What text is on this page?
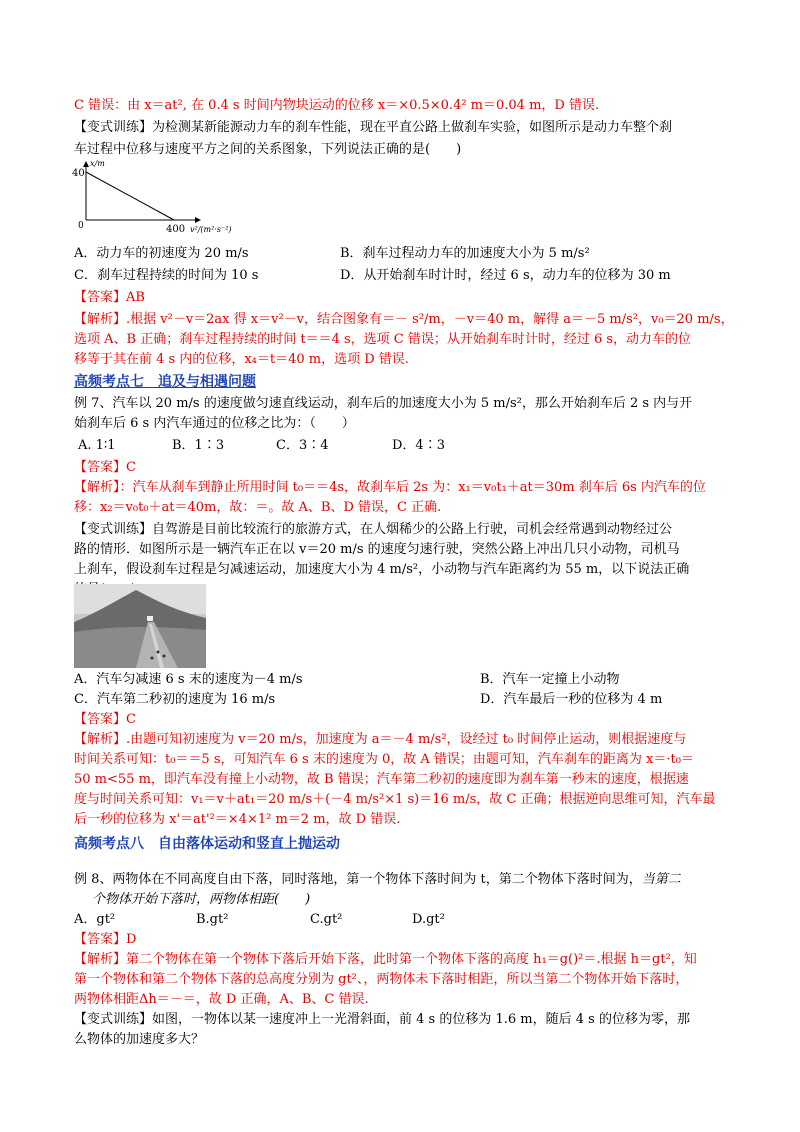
C 错误：由 x＝at², 在 0.4 s 时间内物块运动的位移 x＝×0.5×0.4² m＝0.04 m，D 错误.
【变式训练】为检测某新能源动力车的刹车性能，现在平直公路上做刹车实验，如图所示是动力车整个刹
车过程中位移与速度平方之间的关系图象，下列说法正确的是(　　)
x/m
40
0	400 v²/(m²·s⁻²)
A．动力车的初速度为 20 m/s	B．刹车过程动力车的加速度大小为 5 m/s²
C．刹车过程持续的时间为 10 s	D．从开始刹车时计时，经过 6 s，动力车的位移为 30 m
【答案】AB
【解析】.根据 v²－v＝2ax 得 x＝v²－v，结合图象有＝－ s²/m，－v＝40 m，解得 a＝－5 m/s²，v₀＝20 m/s，
选项 A、B 正确；刹车过程持续的时间 t＝＝4 s，选项 C 错误；从开始刹车时计时，经过 6 s，动力车的位
移等于其在前 4 s 内的位移，x₄＝t＝40 m，选项 D 错误.
高频考点七　追及与相遇问题
例 7、汽车以 20 m/s 的速度做匀速直线运动，刹车后的加速度大小为 5 m/s²，那么开始刹车后 2 s 内与开
始刹车后 6 s 内汽车通过的位移之比为：（　　）
A. 1∶1	B．1∶3	C．3∶4	D．4∶3
【答案】C
【解析】：汽车从刹车到静止所用时间 t₀＝＝4s，故刹车后 2s 为：x₁＝v₀t₁＋at＝30m 刹车后 6s 内汽车的位
移：x₂＝v₀t₀＋at＝40m，故：＝。故 A、B、D 错误，C 正确.
【变式训练】自驾游是目前比较流行的旅游方式，在人烟稀少的公路上行驶，司机会经常遇到动物经过公
路的情形．如图所示是一辆汽车正在以 v＝20 m/s 的速度匀速行驶，突然公路上冲出几只小动物，司机马
上刹车，假设刹车过程是匀减速运动，加速度大小为 4 m/s²，小动物与汽车距离约为 55 m，以下说法正确
A．汽车匀减速 6 s 末的速度为－4 m/s	B．汽车一定撞上小动物
C．汽车第二秒初的速度为 16 m/s	D．汽车最后一秒的位移为 4 m
【答案】C
【解析】.由题可知初速度为 v＝20 m/s，加速度为 a＝－4 m/s²，设经过 t₀ 时间停止运动，则根据速度与
时间关系可知：t₀＝＝5 s，可知汽车 6 s 末的速度为 0，故 A 错误；由题可知，汽车刹车的距离为 x＝·t₀＝
50 m<55 m，即汽车没有撞上小动物，故 B 错误；汽车第二秒初的速度即为刹车第一秒末的速度，根据速
度与时间关系可知：v₁＝v＋at₁＝20 m/s＋(－4 m/s²×1 s)＝16 m/s，故 C 正确；根据逆向思维可知，汽车最
后一秒的位移为 x'＝at'²＝×4×1² m＝2 m，故 D 错误.
高频考点八　自由落体运动和竖直上抛运动
例 8、两物体在不同高度自由下落，同时落地，第一个物体下落时间为 t，第二个物体下落时间为，当第二
个物体开始下落时，两物体相距(　　)
A．gt²	B.gt²	C.gt²	D.gt²
【答案】D
【解析】第二个物体在第一个物体下落后开始下落，此时第一个物体下落的高度 h₁＝g()²＝.根据 h＝gt²，知
第一个物体和第二个物体下落的总高度分别为 gt²、，两物体未下落时相距，所以当第二个物体开始下落时，
两物体相距Δh＝－＝，故 D 正确，A、B、C 错误.
【变式训练】如图，一物体以某一速度冲上一光滑斜面，前 4 s 的位移为 1.6 m，随后 4 s 的位移为零，那
么物体的加速度多大？
